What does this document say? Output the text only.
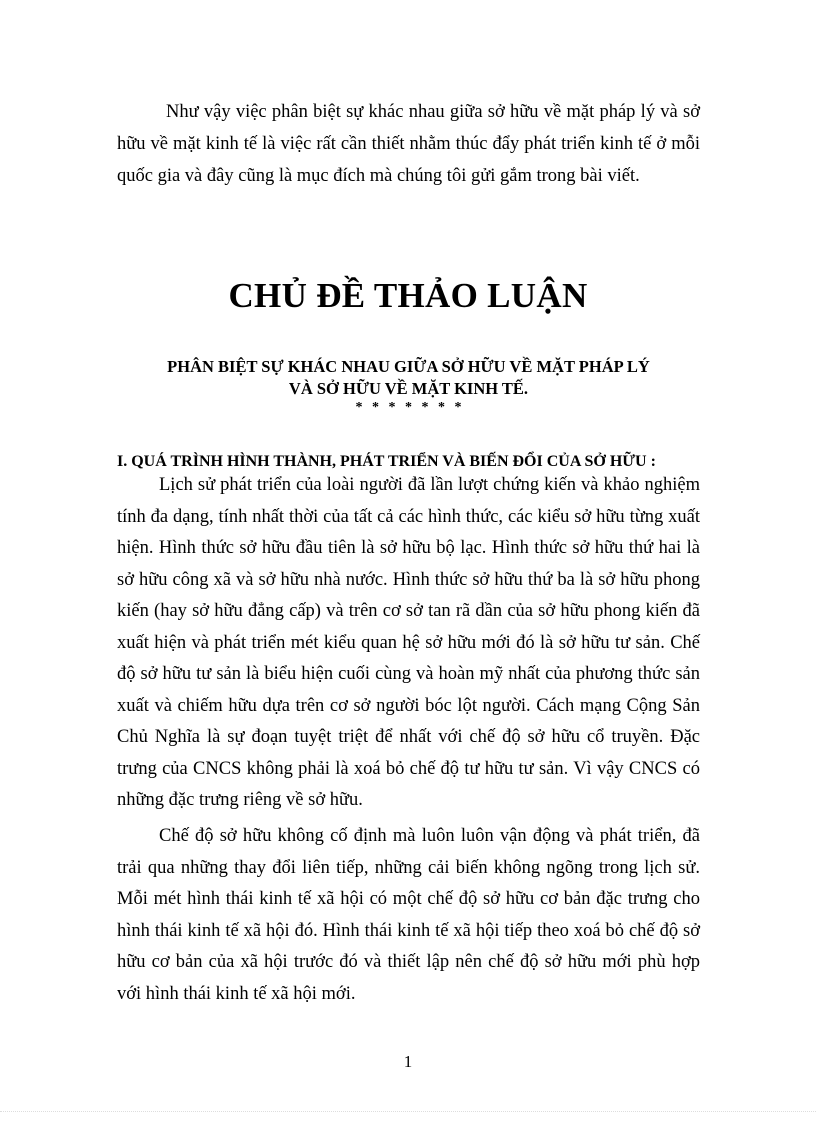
Như vậy việc phân biệt sự khác nhau giữa sở hữu về mặt pháp lý và sở hữu về mặt kinh tế là việc rất cần thiết nhằm thúc đẩy phát triển kinh tế ở mỗi quốc gia và đây cũng là mục đích mà chúng tôi gửi gắm trong bài viết.

CHỦ ĐỀ THẢO LUẬN
PHÂN BIỆT SỰ KHÁC NHAU GIỮA SỞ HỮU VỀ MẶT PHÁP LÝ
VÀ SỞ HỮU VỀ MẶT KINH TẾ.
* * * * * * *
I. QUÁ TRÌNH HÌNH THÀNH, PHÁT TRIỂN VÀ BIẾN ĐỔI CỦA SỞ HỮU :

Lịch sử phát triển của loài người đã lần lượt chứng kiến và khảo nghiệm tính đa dạng, tính nhất thời của tất cả các hình thức, các kiểu sở hữu từng xuất hiện. Hình thức sở hữu đầu tiên là sở hữu bộ lạc. Hình thức sở hữu thứ hai là sở hữu công xã và sở hữu nhà nước. Hình thức sở hữu thứ ba là sở hữu phong kiến (hay sở hữu đẳng cấp) và trên cơ sở tan rã dần của sở hữu phong kiến đã xuất hiện và phát triển mét kiểu quan hệ sở hữu mới đó là sở hữu tư sản. Chế độ sở hữu tư sản là biểu hiện cuối cùng và hoàn mỹ nhất của phương thức sản xuất và chiếm hữu dựa trên cơ sở người bóc lột người. Cách mạng Cộng Sản Chủ Nghĩa là sự đoạn tuyệt triệt để nhất với chế độ sở hữu cổ truyền. Đặc trưng của CNCS không phải là xoá bỏ chế độ tư hữu tư sản. Vì vậy CNCS có những đặc trưng riêng về sở hữu.

Chế độ sở hữu không cố định mà luôn luôn vận động và phát triển, đã trải qua những thay đổi liên tiếp, những cải biến không ngõng trong lịch sử. Mỗi mét hình thái kinh tế xã hội có một chế độ sở hữu cơ bản đặc trưng cho hình thái kinh tế xã hội đó. Hình thái kinh tế xã hội tiếp theo xoá bỏ chế độ sở hữu cơ bản của xã hội trước đó và thiết lập nên chế độ sở hữu mới phù hợp với hình thái kinh tế xã hội mới.

1
